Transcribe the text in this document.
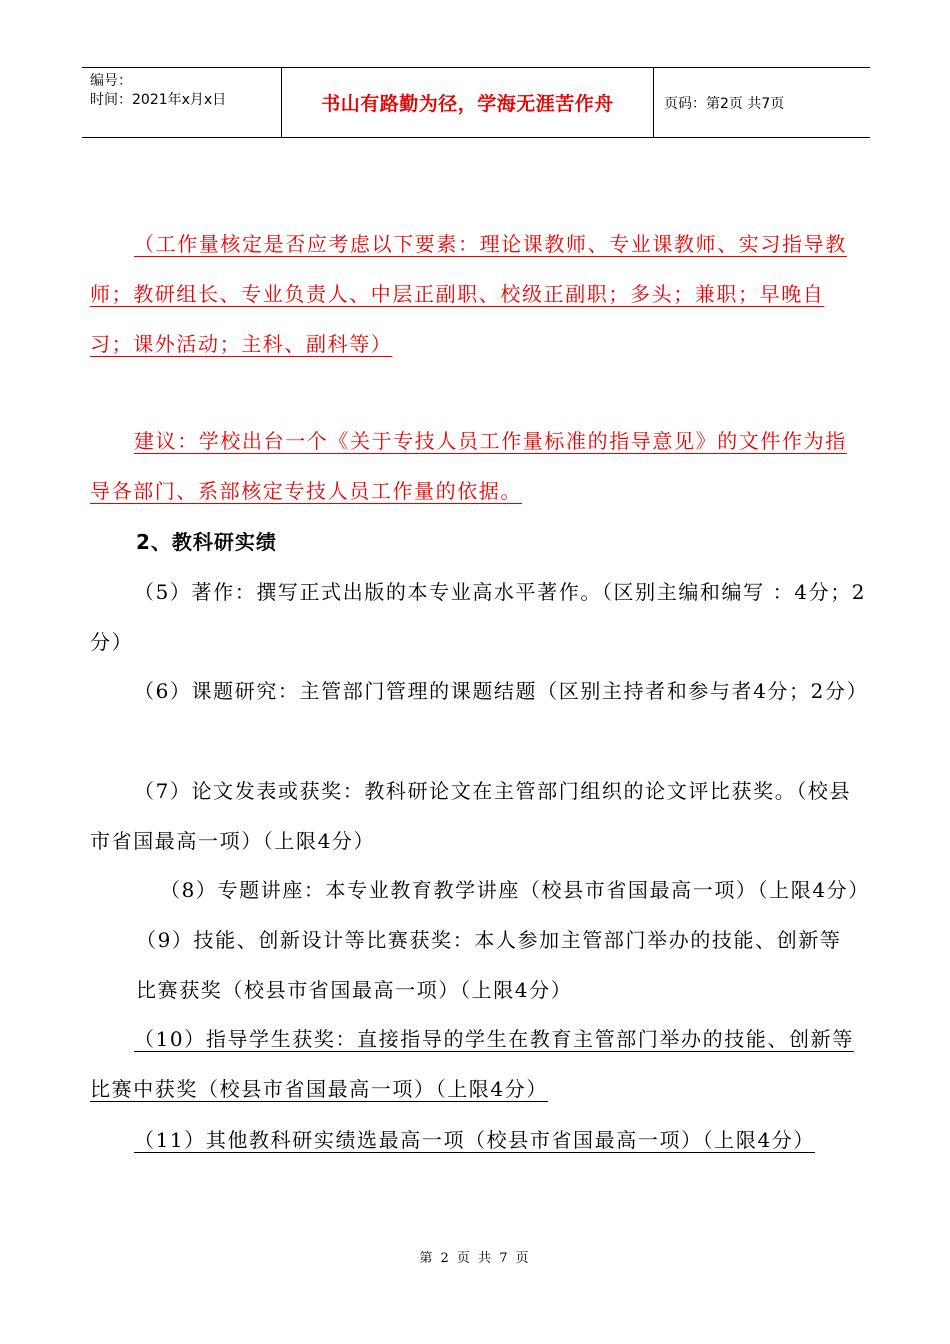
编号：
时间：2021年x月x日	书山有路勤为径，学海无涯苦作舟	页码：第2页 共7页

（工作量核定是否应考虑以下要素：理论课教师、专业课教师、实习指导教师；教研组长、专业负责人、中层正副职、校级正副职；多头；兼职；早晚自习；课外活动；主科、副科等）

建议：学校出台一个《关于专技人员工作量标准的指导意见》的文件作为指导各部门、系部核定专技人员工作量的依据。

2、教科研实绩

（5）著作：撰写正式出版的本专业高水平著作。（区别主编和编写 ：4分；2分）

（6）课题研究：主管部门管理的课题结题（区别主持者和参与者4分；2分）

（7）论文发表或获奖：教科研论文在主管部门组织的论文评比获奖。（校县市省国最高一项）（上限4分）

（8）专题讲座：本专业教育教学讲座（校县市省国最高一项）（上限4分）（9）技能、创新设计等比赛获奖：本人参加主管部门举办的技能、创新等比赛获奖（校县市省国最高一项）（上限4分）

（10）指导学生获奖：直接指导的学生在教育主管部门举办的技能、创新等比赛中获奖（校县市省国最高一项）（上限4分）

（11）其他教科研实绩选最高一项（校县市省国最高一项）（上限4分）

第 2 页 共 7 页
